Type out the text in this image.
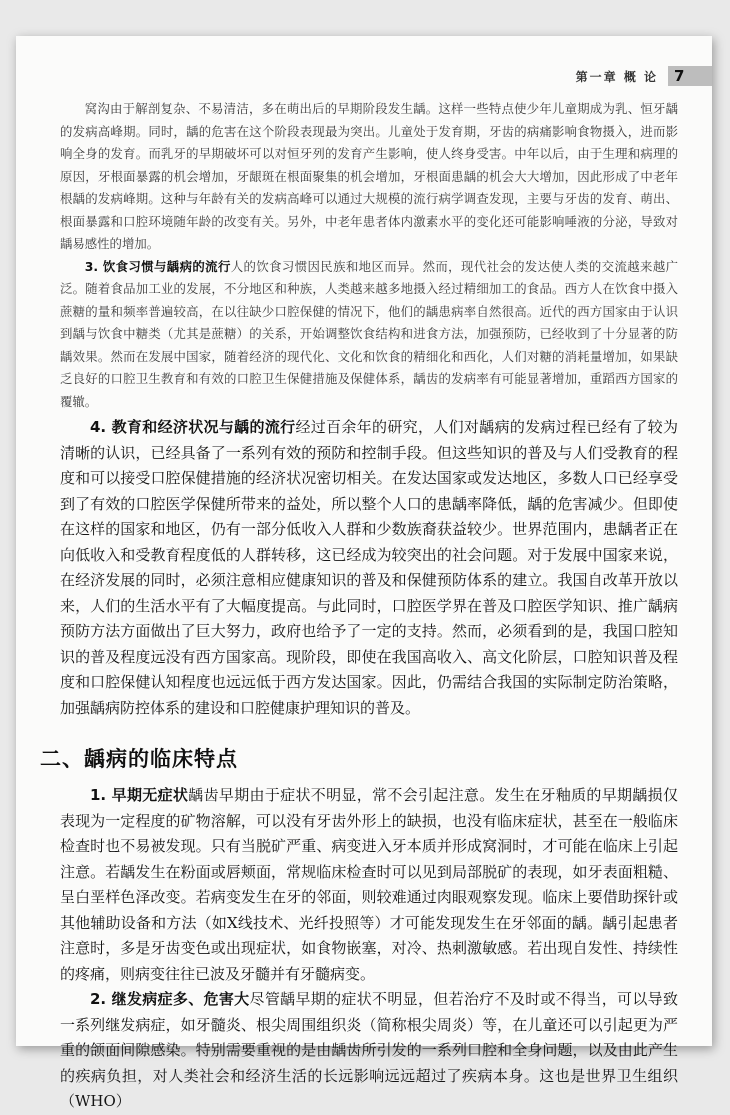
第一章 概 论 7

窝沟由于解剖复杂、不易清洁，多在萌出后的早期阶段发生龋。这样一些特点使少年儿童期成为乳、恒牙龋的发病高峰期。同时，龋的危害在这个阶段表现最为突出。儿童处于发育期，牙齿的病痛影响食物摄入，进而影响全身的发育。而乳牙的早期破坏可以对恒牙列的发育产生影响，使人终身受害。中年以后，由于生理和病理的原因，牙根面暴露的机会增加，牙龈斑在根面聚集的机会增加，牙根面患龋的机会大大增加，因此形成了中老年根龋的发病峰期。这种与年龄有关的发病高峰可以通过大规模的流行病学调查发现，主要与牙齿的发育、萌出、根面暴露和口腔环境随年龄的改变有关。另外，中老年患者体内激素水平的变化还可能影响唾液的分泌，导致对龋易感性的增加。

3. 饮食习惯与龋病的流行人的饮食习惯因民族和地区而异。然而，现代社会的发达使人类的交流越来越广泛。随着食品加工业的发展，不分地区和种族，人类越来越多地摄入经过精细加工的食品。西方人在饮食中摄入蔗糖的量和频率普遍较高，在以往缺少口腔保健的情况下，他们的龋患病率自然很高。近代的西方国家由于认识到龋与饮食中糖类（尤其是蔗糖）的关系，开始调整饮食结构和进食方法，加强预防，已经收到了十分显著的防龋效果。然而在发展中国家，随着经济的现代化、文化和饮食的精细化和西化，人们对糖的消耗量增加，如果缺乏良好的口腔卫生教育和有效的口腔卫生保健措施及保健体系，龋齿的发病率有可能显著增加，重蹈西方国家的覆辙。

4. 教育和经济状况与龋的流行经过百余年的研究，人们对龋病的发病过程已经有了较为清晰的认识，已经具备了一系列有效的预防和控制手段。但这些知识的普及与人们受教育的程度和可以接受口腔保健措施的经济状况密切相关。在发达国家或发达地区，多数人口已经享受到了有效的口腔医学保健所带来的益处，所以整个人口的患龋率降低，龋的危害减少。但即使在这样的国家和地区，仍有一部分低收入人群和少数族裔获益较少。世界范围内，患龋者正在向低收入和受教育程度低的人群转移，这已经成为较突出的社会问题。对于发展中国家来说，在经济发展的同时，必须注意相应健康知识的普及和保健预防体系的建立。我国自改革开放以来，人们的生活水平有了大幅度提高。与此同时，口腔医学界在普及口腔医学知识、推广龋病预防方法方面做出了巨大努力，政府也给予了一定的支持。然而，必须看到的是，我国口腔知识的普及程度远没有西方国家高。现阶段，即使在我国高收入、高文化阶层，口腔知识普及程度和口腔保健认知程度也远远低于西方发达国家。因此，仍需结合我国的实际制定防治策略，加强龋病防控体系的建设和口腔健康护理知识的普及。

二、龋病的临床特点

1. 早期无症状龋齿早期由于症状不明显，常不会引起注意。发生在牙釉质的早期龋损仅表现为一定程度的矿物溶解，可以没有牙齿外形上的缺损，也没有临床症状，甚至在一般临床检查时也不易被发现。只有当脱矿严重、病变进入牙本质并形成窝洞时，才可能在临床上引起注意。若龋发生在粉面或唇颊面，常规临床检查时可以见到局部脱矿的表现，如牙表面粗糙、呈白垩样色泽改变。若病变发生在牙的邻面，则较难通过肉眼观察发现。临床上要借助探针或其他辅助设备和方法（如X线技术、光纤投照等）才可能发现发生在牙邻面的龋。龋引起患者注意时，多是牙齿变色或出现症状，如食物嵌塞，对冷、热刺激敏感。若出现自发性、持续性的疼痛，则病变往往已波及牙髓并有牙髓病变。

2. 继发病症多、危害大尽管龋早期的症状不明显，但若治疗不及时或不得当，可以导致一系列继发病症，如牙髓炎、根尖周围组织炎（简称根尖周炎）等，在儿童还可以引起更为严重的颌面间隙感染。特别需要重视的是由龋齿所引发的一系列口腔和全身问题，以及由此产生的疾病负担，对人类社会和经济生活的长远影响远远超过了疾病本身。这也是世界卫生组织（WHO）
